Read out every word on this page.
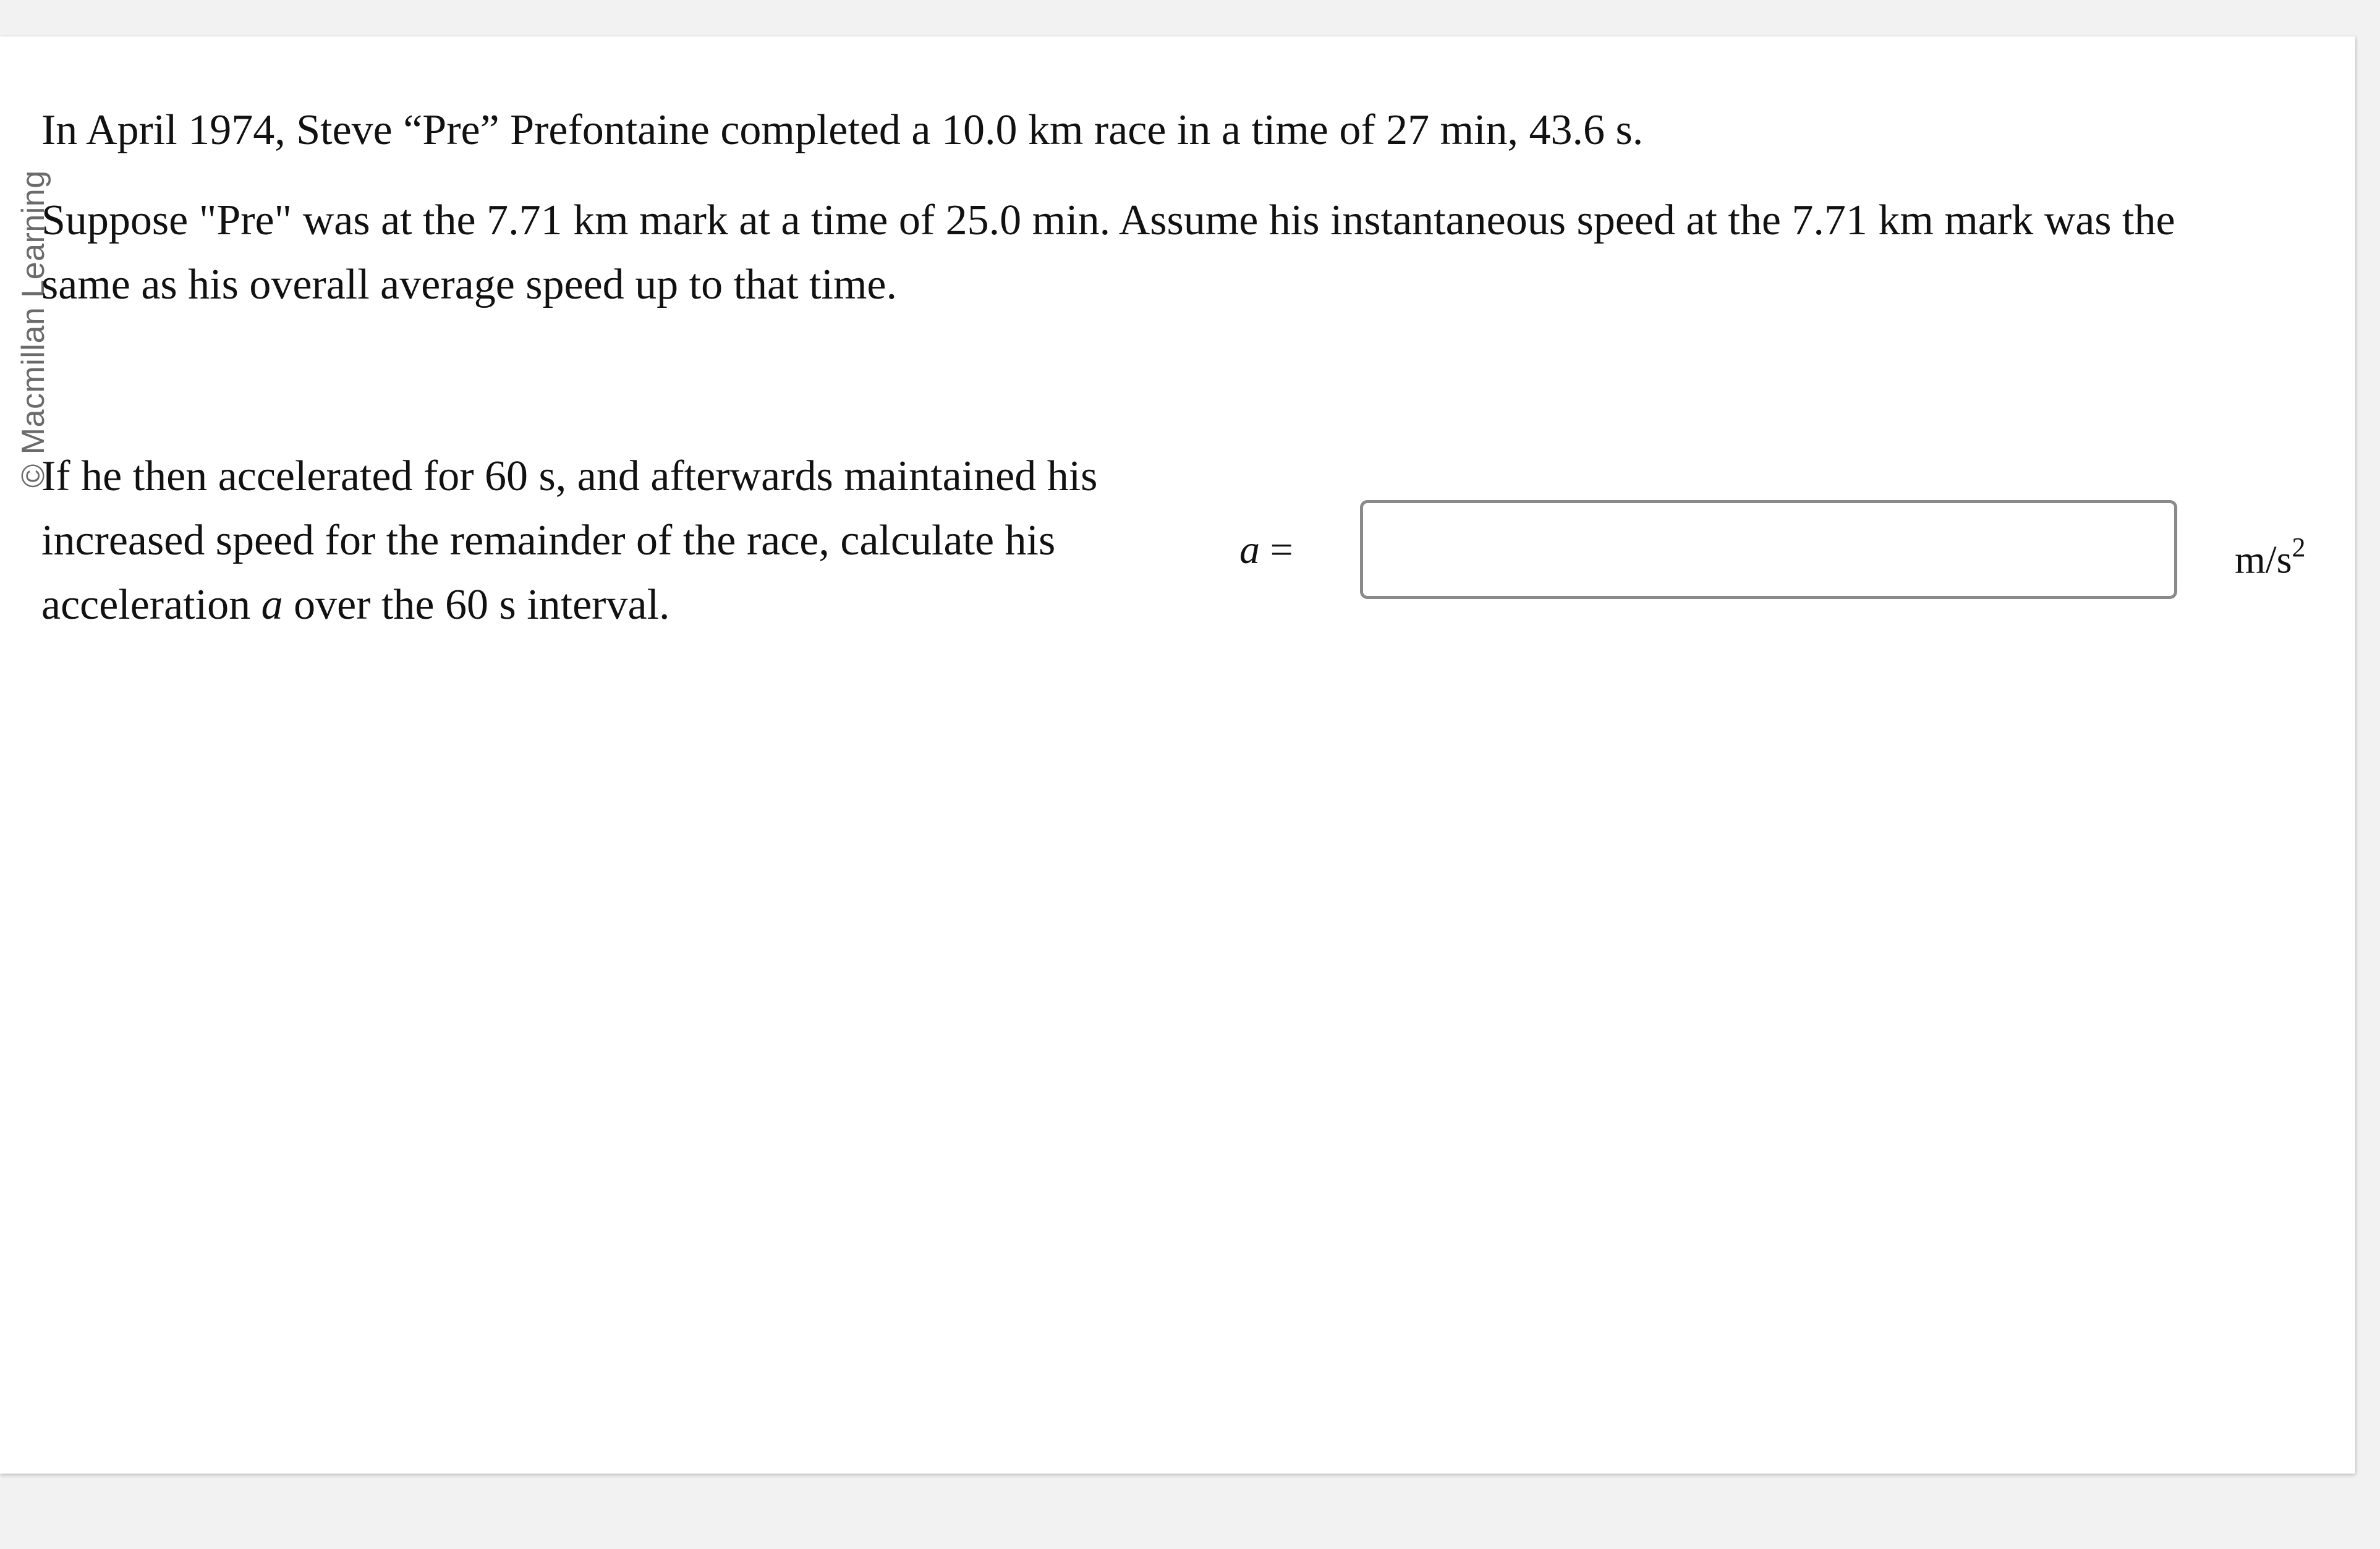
© Macmillan Learning

In April 1974, Steve “Pre” Prefontaine completed a 10.0 km race in a time of 27 min, 43.6 s.

Suppose "Pre" was at the 7.71 km mark at a time of 25.0 min. Assume his instantaneous speed at the 7.71 km mark was the
same as his overall average speed up to that time.
If he then accelerated for 60 s, and afterwards maintained his
increased speed for the remainder of the race, calculate his
acceleration a over the 60 s interval.
a =	$m/s^2$
